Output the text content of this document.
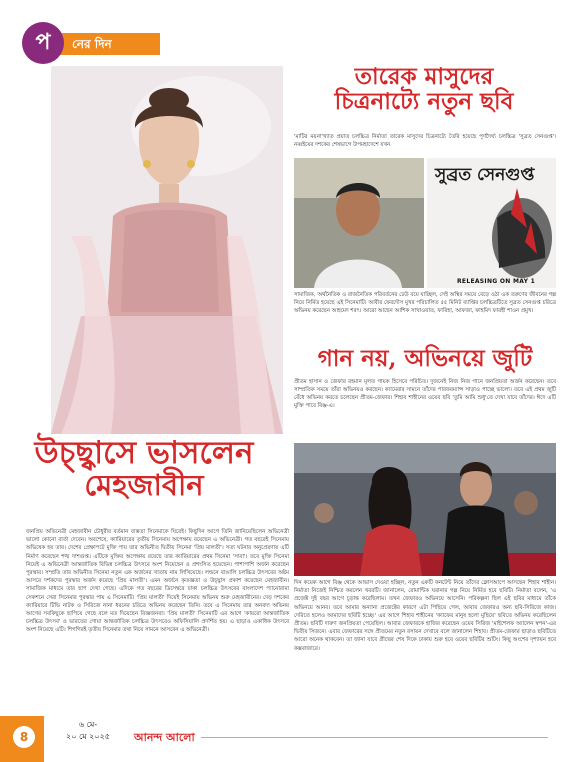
নের দিন
প
উচ্ছ্বাসে ভাসলেন
মেহজাবীন
জনপ্রিয় অভিনেত্রী মেহজাবীন চৌধুরীর বর্তমান ব্যস্ততা সিনেমাকে ঘিরেই। কিছুদিন আগে তিনি জানিয়েছিলেন অভিনেত্রী ভালো কোনো বার্তা দেবেন। অবশেষে, ক্যারিয়ারের তৃতীয় সিনেমায় অপেক্ষায় রয়েছেন এ অভিনেত্রী। গত বছরেই সিনেমায় অভিষেক হয় তার। দেশের প্রেক্ষাপটে মুক্তি পায় তার অভিনীত দ্বিতীয় সিনেমা 'প্রিয় মালতী'। সত্য ঘটনার অনুপ্রেরণায় এটি নির্মাণ করেছেন শঙ্খ দাশগুপ্ত। এটিকে মুক্তির অপেক্ষায় রয়েছে তার ক্যারিয়ারের প্রথম সিনেমা 'সাবা'। তবে মুক্তি সিনেমা নিয়েই এ অভিনেত্রী আন্তর্জাতিক বিভিন্ন চলচ্চিত্র উৎসবে অংশ নিয়েছেন ও প্রশংসিত হয়েছেন। পাশাপাশি অর্জন করেছেন পুরস্কার। সম্প্রতি তার অভিনীত সিনেমা নতুন এক অর্জনের খাতায় নাম লিখিয়েছে। লন্ডনে বাঙালি চলচ্চিত্র উৎসবের অষ্টম আসরে দর্শকদের পুরস্কার অর্জন করেছে 'প্রিয় মালতী'। এমন অর্জনে কৃতজ্ঞতা ও উচ্ছ্বাস প্রকাশ করেছেন মেহজাবীন। সামাজিক মাধ্যমে তার ছাপ দেখা গেছে। এদিকে গত বছরের ডিসেম্বরে ঢাকা চলচ্চিত্র উৎসবের বাংলাদেশ প্যানোরামা সেকশনে সেরা সিনেমার পুরস্কার পায় এ সিনেমাটি। 'প্রিয় মালতী' দিয়েই সিনেমায় অভিনয় শুরু মেহজাবীনের। দেড় দশকের ক্যারিয়ারে টিভি নাটক ও সিরিজে নানা ধরনের চরিত্রে অভিনয় করেছেন তিনি। তবে এ সিনেমায় তার অনবদ্য অভিনয় আগের সবকিছুকে ছাপিয়ে গেছে বলে মত দিয়েছেন বিজ্ঞজনরা। 'প্রিয় মালতী' সিনেমাটি এর আগে 'কায়রো আন্তর্জাতিক চলচ্চিত্র উৎসব' ও ভারতের গোয়া আন্তর্জাতিক চলচ্চিত্র উৎসবেও অফিসিয়ালি প্রদর্শিত হয়। এ ছাড়াও একাধিক উৎসবে অংশ নিয়েছে এটি। শিগগিরই তৃতীয় সিনেমার তথ্য নিয়ে সামনে আসবেন এ অভিনেত্রী।
তারেক মাসুদের
চিত্রনাট্যে নতুন ছবি
'মাটির ময়না'খ্যাত প্রয়াত চলচ্চিত্র নির্মাতা তারেক মাসুদের চিত্রনাট্যে তৈরি হয়েছে পূর্ণদৈর্ঘ্য চলচ্চিত্র 'সুব্রত সেনগুপ্ত'। নব্বইয়ের দশকের শেষভাগে উপমহাদেশে যখন
সুব্রত সেনগুপ্ত
RELEASING ON MAY 1
সামাজিক, অর্থনৈতিক ও রাজনৈতিক পরিবর্তনের ঢেউ বয়ে যাচ্ছিল, সেই অস্থির সময়ে বেড়ে ওঠা এক তরুণের জীবনের গল্প নিয়ে নির্মিত হয়েছে এই সিনেমাটি। আবীর ফেরদৌস মুখর পরিচালিত ৫৫ মিনিট ব্যাপ্তির চলচ্চিত্রটিতে সুব্রত সেনগুপ্ত চরিত্রে অভিনয় করেছেন আহমেদ শরৎ। আরো আছেন আশিক সাখাওয়াত, ফারিহা, আফজা, ফাহমিদ ফারহী শাওন প্রমুখ।
গান নয়, অভিনয়ে জুটি
প্রীতম হাসান ও জেফার রহমান মূলত গায়ক হিসেবে পরিচিত। দুজনেই নিজ নিজ গানে জনপ্রিয়তা অর্জন করেছেন। তবে সাম্প্রতিক সময়ে তাঁরা অভিনয়ও করছেন। ক্যামেরার সামনে তাঁদের পারফরম্যান্স সাড়াও পাচ্ছে ভালো। তবে এই প্রথম জুটি বেঁধে অভিনয় করতে চলেছেন প্রীতম-জেফার। শিহাব শাহীনের ওয়েব ছবি 'তুমি আমি শুধু'তে দেখা যাবে তাঁদের। ঈদে এটি মুক্তি পাবে বিঞ্জ-এ।
দিন কয়েক আগে বিঞ্জ থেকে আভাস দেওয়া হচ্ছিল, নতুন একটি কনটেন্ট নিয়ে তাঁদের ক্লোসআপে আসছেন শিহাব শাহীন। নির্মাতা নিজেই নিশ্চিত করলেন খবরটি। জানালেন, রোমান্টিক ঘরানার গল্প নিয়ে নির্মিত হবে ছবিটি। নির্মাতা বলেন, 'এ প্রজেক্ট দুই বছর আগে চূড়ান্ত করেছিলাম। তখন জেফারও অভিনয়ে আসেনি। পরিকল্পনা ছিল এই ছবির মাধ্যমে তাঁকে অভিনয়ে আনব। তবে আমার অন্যান্য প্রজেক্টের কারণে এটা পিছিয়ে গেল, আবার জেফারও অন্য ছবি-সিরিজে কাজ। দেরিতে হলেও আমাদের ছবিটি হচ্ছে।' এর আগে শিহাব শাহীনের 'ক্যাফের মানুষ হলো মুছিয়ে' ছবিতে অভিনয় করেছিলেন প্রীতম। ছবিটি দারুণ জনপ্রিয়তা পেয়েছিল। আবার জেফারকে হাজির করেছেন ওয়েব সিরিজ 'মাইশেলফ অ্যালেন স্বপন'-এর দ্বিতীয় সিজনে। এবার জেফারের সঙ্গে প্রীতমের নতুন রসায়ন দেখাবে বলে জানালেন শিহাব। প্রীতম-জেফার ছাড়াও ছবিটিতে আরো অনেক থাকবেন। তা জানা যাবে গ্রীষ্মের শেষ দিকে ঢাকায় শুরু হবে ওয়েব ছবিটির শুটিং। কিছু অংশের দৃশ্যায়ন হবে কক্সবাজারে।
8
৬ মে-
২০ মে ২০২৫	আনন্দ আলো
